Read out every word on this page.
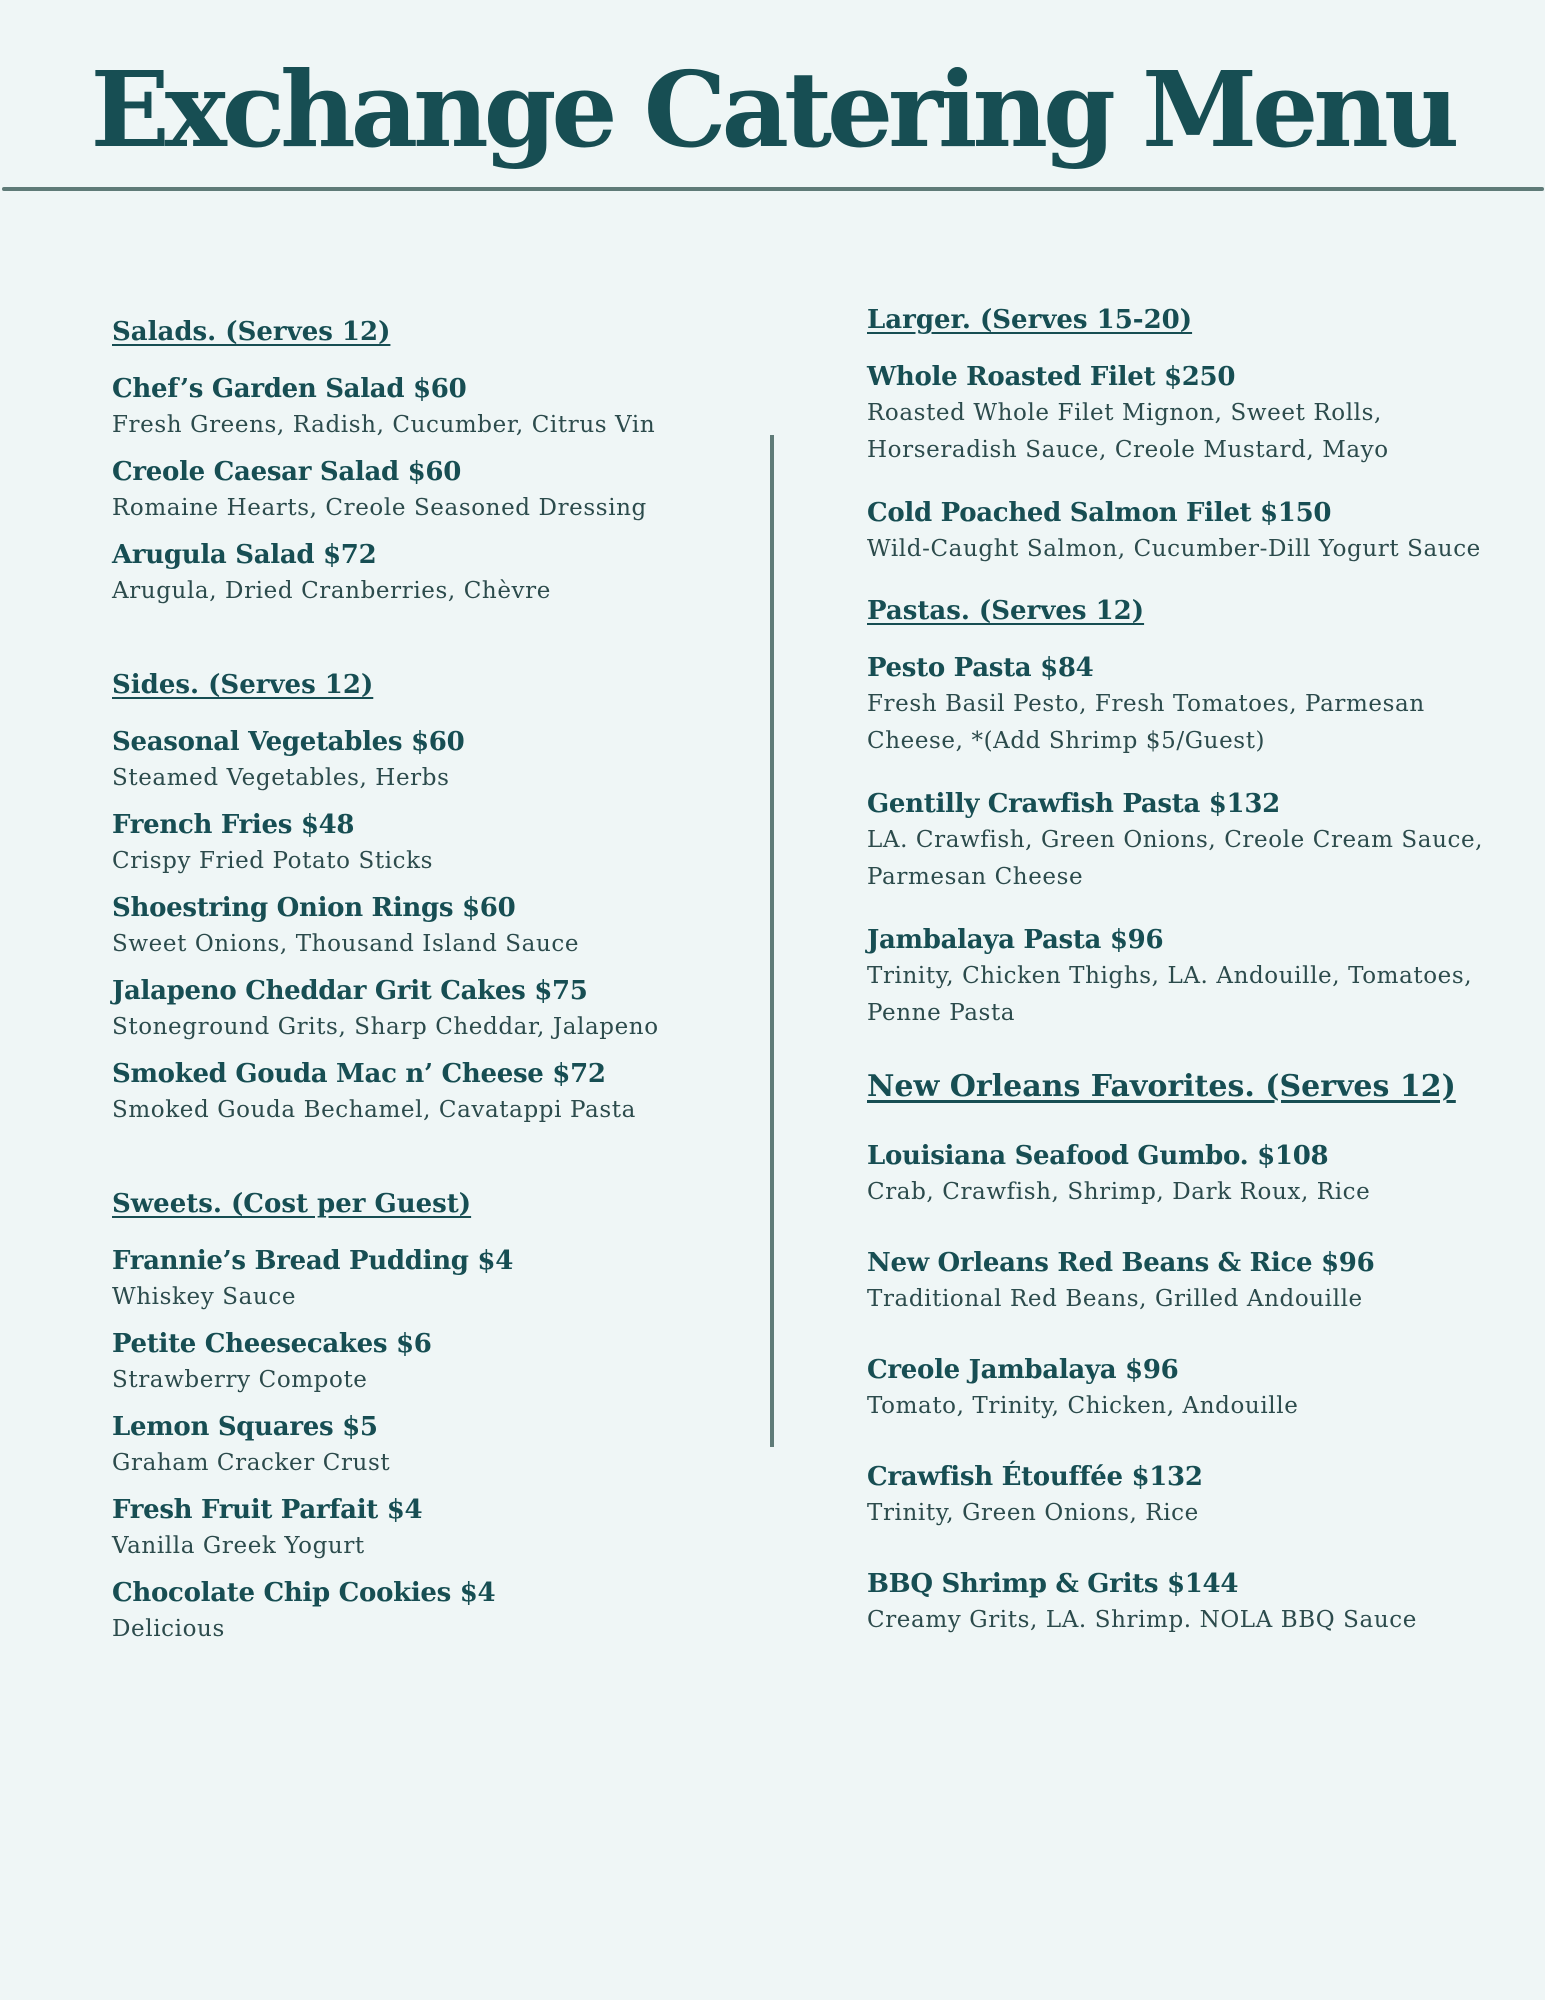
Exchange Catering Menu
Salads. (Serves 12)
Chef’s Garden Salad $60
Fresh Greens, Radish, Cucumber, Citrus Vin
Creole Caesar Salad $60
Romaine Hearts, Creole Seasoned Dressing
Arugula Salad $72
Arugula, Dried Cranberries, Chèvre
Sides. (Serves 12)
Seasonal Vegetables $60
Steamed Vegetables, Herbs
French Fries $48
Crispy Fried Potato Sticks
Shoestring Onion Rings $60
Sweet Onions, Thousand Island Sauce
Jalapeno Cheddar Grit Cakes $75
Stoneground Grits, Sharp Cheddar, Jalapeno
Smoked Gouda Mac n’ Cheese $72
Smoked Gouda Bechamel, Cavatappi Pasta
Sweets. (Cost per Guest)
Frannie’s Bread Pudding $4
Whiskey Sauce
Petite Cheesecakes $6
Strawberry Compote
Lemon Squares $5
Graham Cracker Crust
Fresh Fruit Parfait $4
Vanilla Greek Yogurt
Chocolate Chip Cookies $4
Delicious
Larger. (Serves 15-20)
Whole Roasted Filet $250
Roasted Whole Filet Mignon, Sweet Rolls, Horseradish Sauce, Creole Mustard, Mayo
Cold Poached Salmon Filet $150
Wild-Caught Salmon, Cucumber-Dill Yogurt Sauce
Pastas. (Serves 12)
Pesto Pasta $84
Fresh Basil Pesto, Fresh Tomatoes, Parmesan Cheese, *(Add Shrimp $5/Guest)
Gentilly Crawfish Pasta $132
LA. Crawfish, Green Onions, Creole Cream Sauce, Parmesan Cheese
Jambalaya Pasta $96
Trinity, Chicken Thighs, LA. Andouille, Tomatoes, Penne Pasta
New Orleans Favorites. (Serves 12)
Louisiana Seafood Gumbo. $108
Crab, Crawfish, Shrimp, Dark Roux, Rice
New Orleans Red Beans & Rice $96
Traditional Red Beans, Grilled Andouille
Creole Jambalaya $96
Tomato, Trinity, Chicken, Andouille
Crawfish Étouffée $132
Trinity, Green Onions, Rice
BBQ Shrimp & Grits $144
Creamy Grits, LA. Shrimp. NOLA BBQ Sauce
